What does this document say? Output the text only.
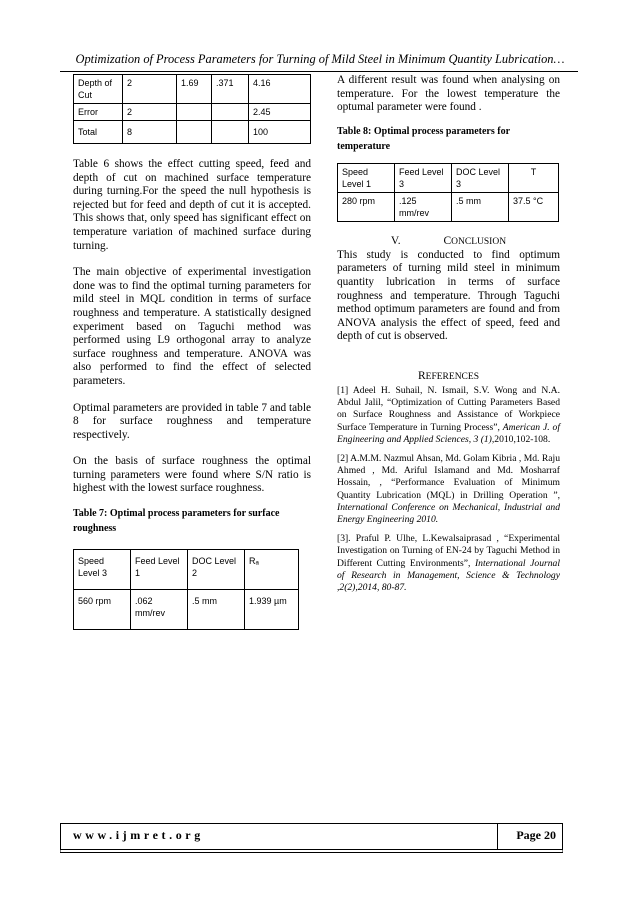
Optimization of Process Parameters for Turning of Mild Steel in Minimum Quantity Lubrication…
Depth of Cut	2	1.69	.371	4.16
Error	2			2.45
Total	8			100

Table 6 shows the effect cutting speed, feed and depth of cut on machined surface temperature during turning.For the speed the null hypothesis is rejected but for feed and depth of cut it is accepted. This shows that, only speed has significant effect on temperature variation of machined surface during turning.

The main objective of experimental investigation done was to find the optimal turning parameters for mild steel in MQL condition in terms of surface roughness and temperature. A statistically designed experiment based on Taguchi method was performed using L9 orthogonal array to analyze surface roughness and temperature. ANOVA was also performed to find the effect of selected parameters.

Optimal parameters are provided in table 7 and table 8 for surface roughness and temperature respectively.

On the basis of surface roughness the optimal turning parameters were found where S/N ratio is highest with the lowest surface roughness.

Table 7: Optimal process parameters for surface roughness

Speed Level 3	Feed Level 1	DOC Level 2	Rₐ
560 rpm	.062 mm/rev	.5 mm	1.939 µm

A different result was found when analysing on temperature. For the lowest temperature the optumal parameter were found .

Table 8: Optimal process parameters for temperature

Speed Level 1	Feed Level 3	DOC Level 3	T
280 rpm	.125 mm/rev	.5 mm	37.5 °C

V.	CONCLUSION

This study is conducted to find optimum parameters of turning mild steel in minimum quantity lubrication in terms of surface roughness and temperature. Through Taguchi method optimum parameters are found and from ANOVA analysis the effect of speed, feed and depth of cut is observed.

REFERENCES

[1] Adeel H. Suhail, N. Ismail, S.V. Wong and N.A. Abdul Jalil, “Optimization of Cutting Parameters Based on Surface Roughness and Assistance of Workpiece Surface Temperature in Turning Process”, American J. of Engineering and Applied Sciences, 3 (1),2010,102-108.

[2] A.M.M. Nazmul Ahsan, Md. Golam Kibria , Md. Raju Ahmed , Md. Ariful Islamand and Md. Mosharraf Hossain, , “Performance Evaluation of Minimum Quantity Lubrication (MQL) in Drilling Operation ”, International Conference on Mechanical, Industrial and Energy Engineering 2010.

[3]. Praful P. Ulhe, L.Kewalsaiprasad , “Experimental Investigation on Turning of EN-24 by Taguchi Method in Different Cutting Environments”, International Journal of Research in Management, Science & Technology ,2(2),2014, 80-87.

www.ijmret.org	Page 20
